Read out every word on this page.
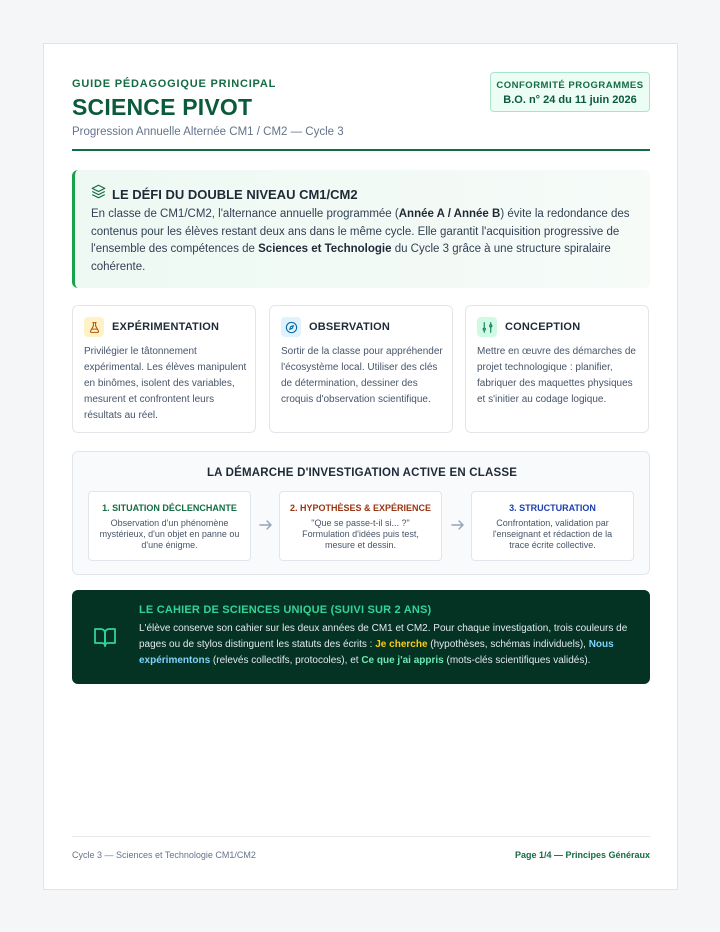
GUIDE PÉDAGOGIQUE PRINCIPAL
SCIENCE PIVOT
Progression Annuelle Alternée CM1 / CM2 — Cycle 3
CONFORMITÉ PROGRAMMES
B.O. n° 24 du 11 juin 2026
LE DÉFI DU DOUBLE NIVEAU CM1/CM2
En classe de CM1/CM2, l'alternance annuelle programmée (Année A / Année B) évite la redondance des contenus pour les élèves restant deux ans dans le même cycle. Elle garantit l'acquisition progressive de l'ensemble des compétences de Sciences et Technologie du Cycle 3 grâce à une structure spiralaire cohérente.
EXPÉRIMENTATION
Privilégier le tâtonnement expérimental. Les élèves manipulent en binômes, isolent des variables, mesurent et confrontent leurs résultats au réel.
OBSERVATION
Sortir de la classe pour appréhender l'écosystème local. Utiliser des clés de détermination, dessiner des croquis d'observation scientifique.
CONCEPTION
Mettre en œuvre des démarches de projet technologique : planifier, fabriquer des maquettes physiques et s'initier au codage logique.
LA DÉMARCHE D'INVESTIGATION ACTIVE EN CLASSE
1. SITUATION DÉCLENCHANTE
Observation d'un phénomène mystérieux, d'un objet en panne ou d'une énigme.
2. HYPOTHÈSES & EXPÉRIENCE
"Que se passe-t-il si... ?" Formulation d'idées puis test, mesure et dessin.
3. STRUCTURATION
Confrontation, validation par l'enseignant et rédaction de la trace écrite collective.
LE CAHIER DE SCIENCES UNIQUE (SUIVI SUR 2 ANS)
L'élève conserve son cahier sur les deux années de CM1 et CM2. Pour chaque investigation, trois couleurs de pages ou de stylos distinguent les statuts des écrits : Je cherche (hypothèses, schémas individuels), Nous expérimentons (relevés collectifs, protocoles), et Ce que j'ai appris (mots-clés scientifiques validés).
Cycle 3 — Sciences et Technologie CM1/CM2	Page 1/4 — Principes Généraux
